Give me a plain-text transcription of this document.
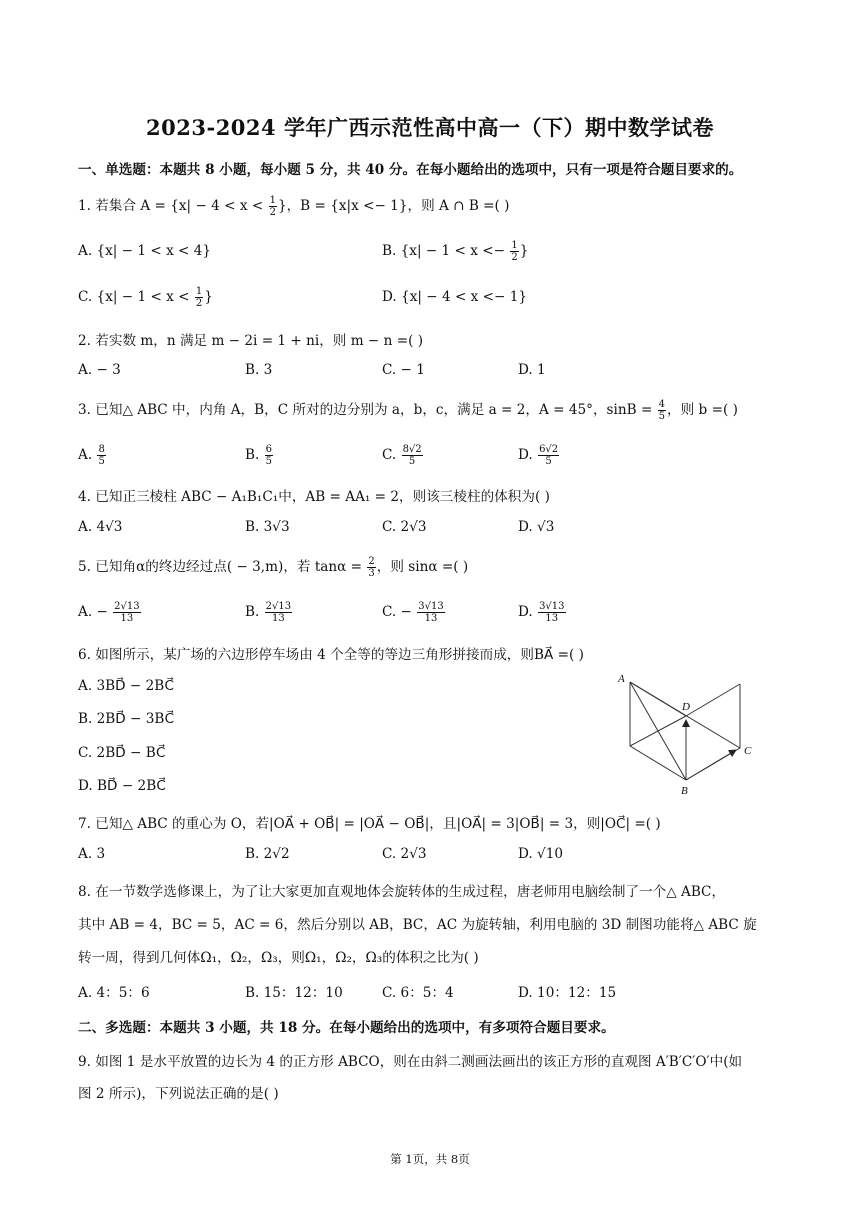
2023-2024 学年广西示范性高中高一（下）期中数学试卷
一、单选题：本题共 8 小题，每小题 5 分，共 40 分。在每小题给出的选项中，只有一项是符合题目要求的。
1. 若集合 $A = \{x| - 4 < x < \frac{1}{2}$ }，B = {x|x <− 1}，则 A ∩ B =( )
A. {x| − 1 < x < 4}	B. {$x| - 1 < x <- \frac{1}{2}$ }
C. {$x| - 1 < x < \frac{1}{2}$ }	D. {x| − 4 < x <− 1}
2. 若实数 m，n 满足 m − 2i = 1 + ni，则 m − n =( )
A. − 3	B. 3	C. − 1	D. 1
3. 已知△ ABC 中，内角 A，B，C 所对的边分别为 a，b，c，满足 a = 2，A = 45°，$\sin B = \frac{4}{5}$ ，则 b =( )
A. $\frac{8}{5}$	B. $\frac{6}{5}$	C. $\frac{8√2}{5}$	D. $\frac{6√2}{5}$
4. 已知正三棱柱 ABC − A₁B₁C₁中，AB = AA₁ = 2，则该三棱柱的体积为( )
A. 4√3	B. 3√3	C. 2√3	D. √3
5. 已知角α的终边经过点( − 3,m)，若 $\tan\alpha = \frac{2}{3}$ ，则 sinα =( )
A. − $\frac{2√13}{13}$	B. $\frac{2√13}{13}$	C. − $\frac{3√13}{13}$	D. $\frac{3√13}{13}$
6. 如图所示，某广场的六边形停车场由 4 个全等的等边三角形拼接而成，则BA⃗ =( )
A. 3BD⃗ − 2BC⃗
B. 2BD⃗ − 3BC⃗
C. 2BD⃗ − BC⃗
D. BD⃗ − 2BC⃗
A
D
C
B
7. 已知△ ABC 的重心为 O，若|OA⃗ + OB⃗| = |OA⃗ − OB⃗|，且|OA⃗| = 3|OB⃗| = 3，则|OC⃗| =( )
A. 3	B. 2√2	C. 2√3	D. √10
8. 在一节数学选修课上，为了让大家更加直观地体会旋转体的生成过程，唐老师用电脑绘制了一个△ ABC，
其中 AB = 4，BC = 5，AC = 6，然后分别以 AB，BC，AC 为旋转轴，利用电脑的 3D 制图功能将△ ABC 旋
转一周，得到几何体Ω₁，Ω₂，Ω₃，则Ω₁，Ω₂，Ω₃的体积之比为( )
A. 4：5：6	B. 15：12：10	C. 6：5：4	D. 10：12：15
二、多选题：本题共 3 小题，共 18 分。在每小题给出的选项中，有多项符合题目要求。
9. 如图 1 是水平放置的边长为 4 的正方形 ABCO，则在由斜二测画法画出的该正方形的直观图 A′B′C′O′中(如
图 2 所示)，下列说法正确的是( )
第 1页，共 8页
